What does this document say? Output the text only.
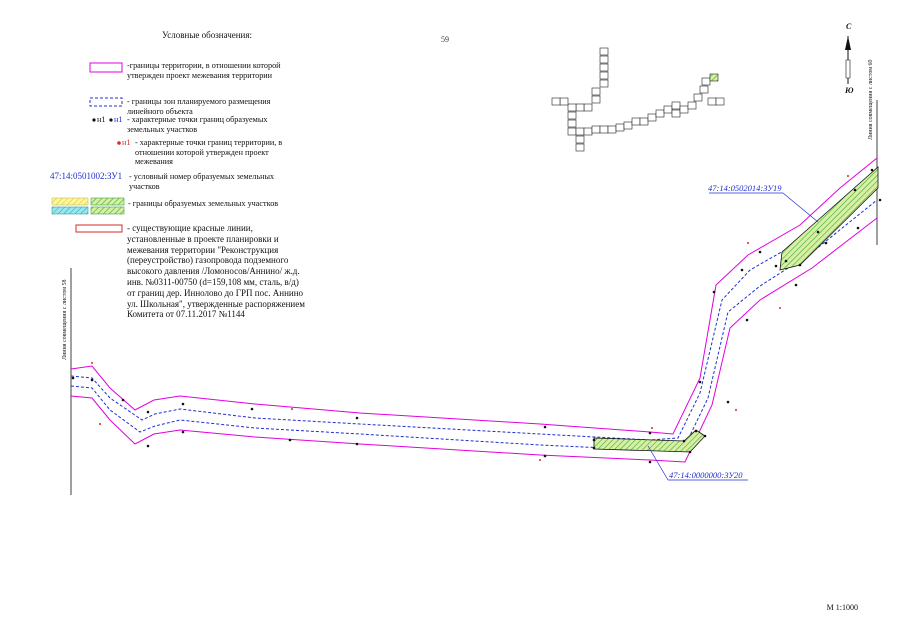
Условные обозначения:	59
-границы территории, в отношении которой утвержден проект межевания территории
- границы зон планируемого размещения линейного объекта
н1 н1 - характерные точки границ образуемых земельных участков
н1 - характерные точки границ территории, в отношении которой утвержден проект межевания
47:14:0501002:ЗУ1 - условный номер образуемых земельных участков
- границы образуемых земельных участков
- существующие красные линии, установленные в проекте планировки и межевания территории "Реконструкция (переустройство) газопровода подземного высокого давления /Ломоносов/Аннино/ ж.д. инв. №0311-00750 (d=159,108 мм, сталь, в/д) от границ дер. Иннолово до ГРП пос. Аннино ул. Школьная", утвержденные распоряжением Комитета от 07.11.2017 №1144
47:14:0502014:ЗУ19
47:14:0000000:ЗУ20
Линия совмещения с листом 58
Линия совмещения с листом 60
С
Ю
М 1:1000
